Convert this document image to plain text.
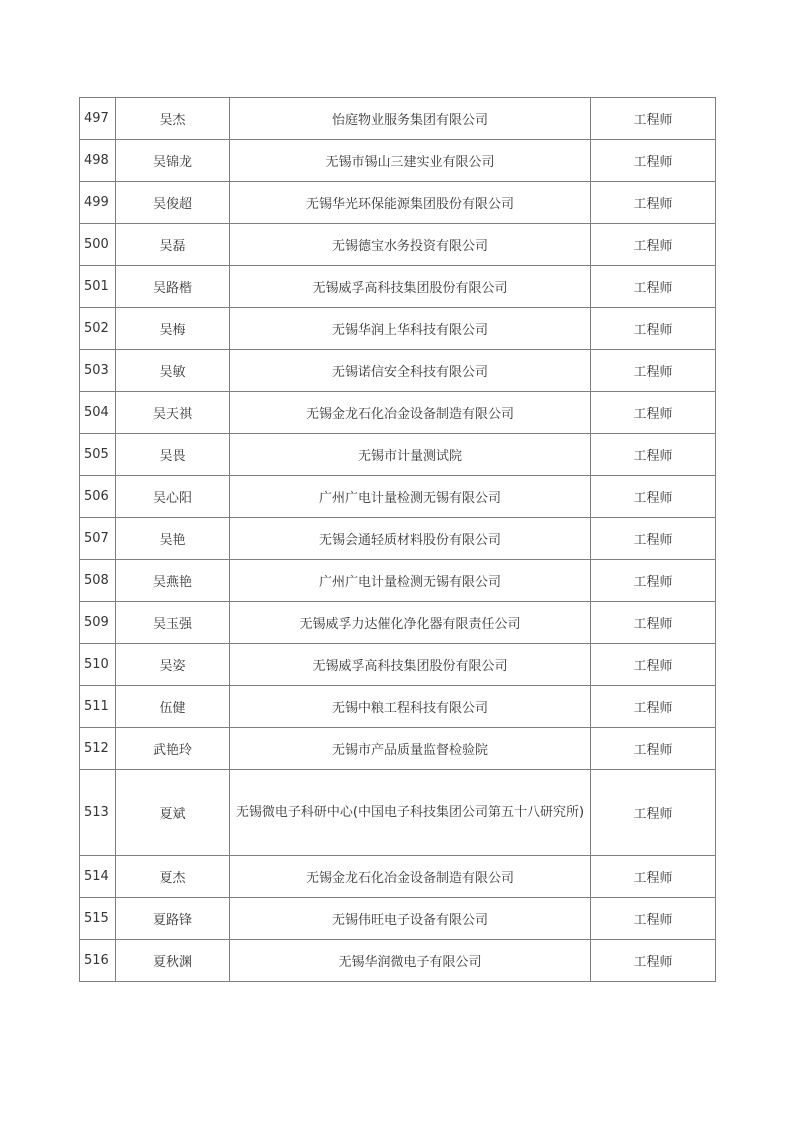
497	吴杰	怡庭物业服务集团有限公司	工程师
498	吴锦龙	无锡市锡山三建实业有限公司	工程师
499	吴俊超	无锡华光环保能源集团股份有限公司	工程师
500	吴磊	无锡德宝水务投资有限公司	工程师
501	吴路楷	无锡威孚高科技集团股份有限公司	工程师
502	吴梅	无锡华润上华科技有限公司	工程师
503	吴敏	无锡诺信安全科技有限公司	工程师
504	吴天祺	无锡金龙石化冶金设备制造有限公司	工程师
505	吴畏	无锡市计量测试院	工程师
506	吴心阳	广州广电计量检测无锡有限公司	工程师
507	吴艳	无锡会通轻质材料股份有限公司	工程师
508	吴燕艳	广州广电计量检测无锡有限公司	工程师
509	吴玉强	无锡威孚力达催化净化器有限责任公司	工程师
510	吴姿	无锡威孚高科技集团股份有限公司	工程师
511	伍健	无锡中粮工程科技有限公司	工程师
512	武艳玲	无锡市产品质量监督检验院	工程师
513	夏斌	无锡微电子科研中心(中国电子科技集团公司第五十八研究所)	工程师
514	夏杰	无锡金龙石化冶金设备制造有限公司	工程师
515	夏路锋	无锡伟旺电子设备有限公司	工程师
516	夏秋渊	无锡华润微电子有限公司	工程师
